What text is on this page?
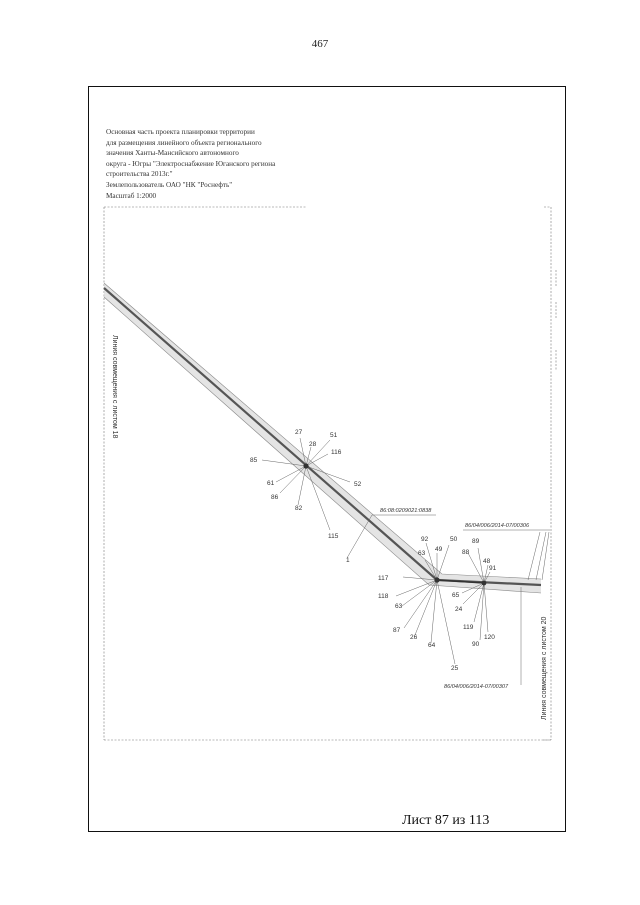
467
Основная часть проекта планировки территории
для размещения линейного объекта регионального
значения Ханты-Мансийского автономного
округа - Югры "Электроснабжение Юганского региона
строительства 2013г."
Землепользователь ОАО "НК "Роснефть"
Масштаб 1:2000
Линия совмещения с листом 18
Линия совмещения с листом 20
86:08:0209021:0838
86/04/006/2014-07/00306
86/04/006/2014-07/00307
27	51
28
116
85
52
61
86
82
115
1
92	50 89
49	88
63
48
91
117
65
118
24
63
119
87
120
26
90
64
25
Лист 87 из 113
